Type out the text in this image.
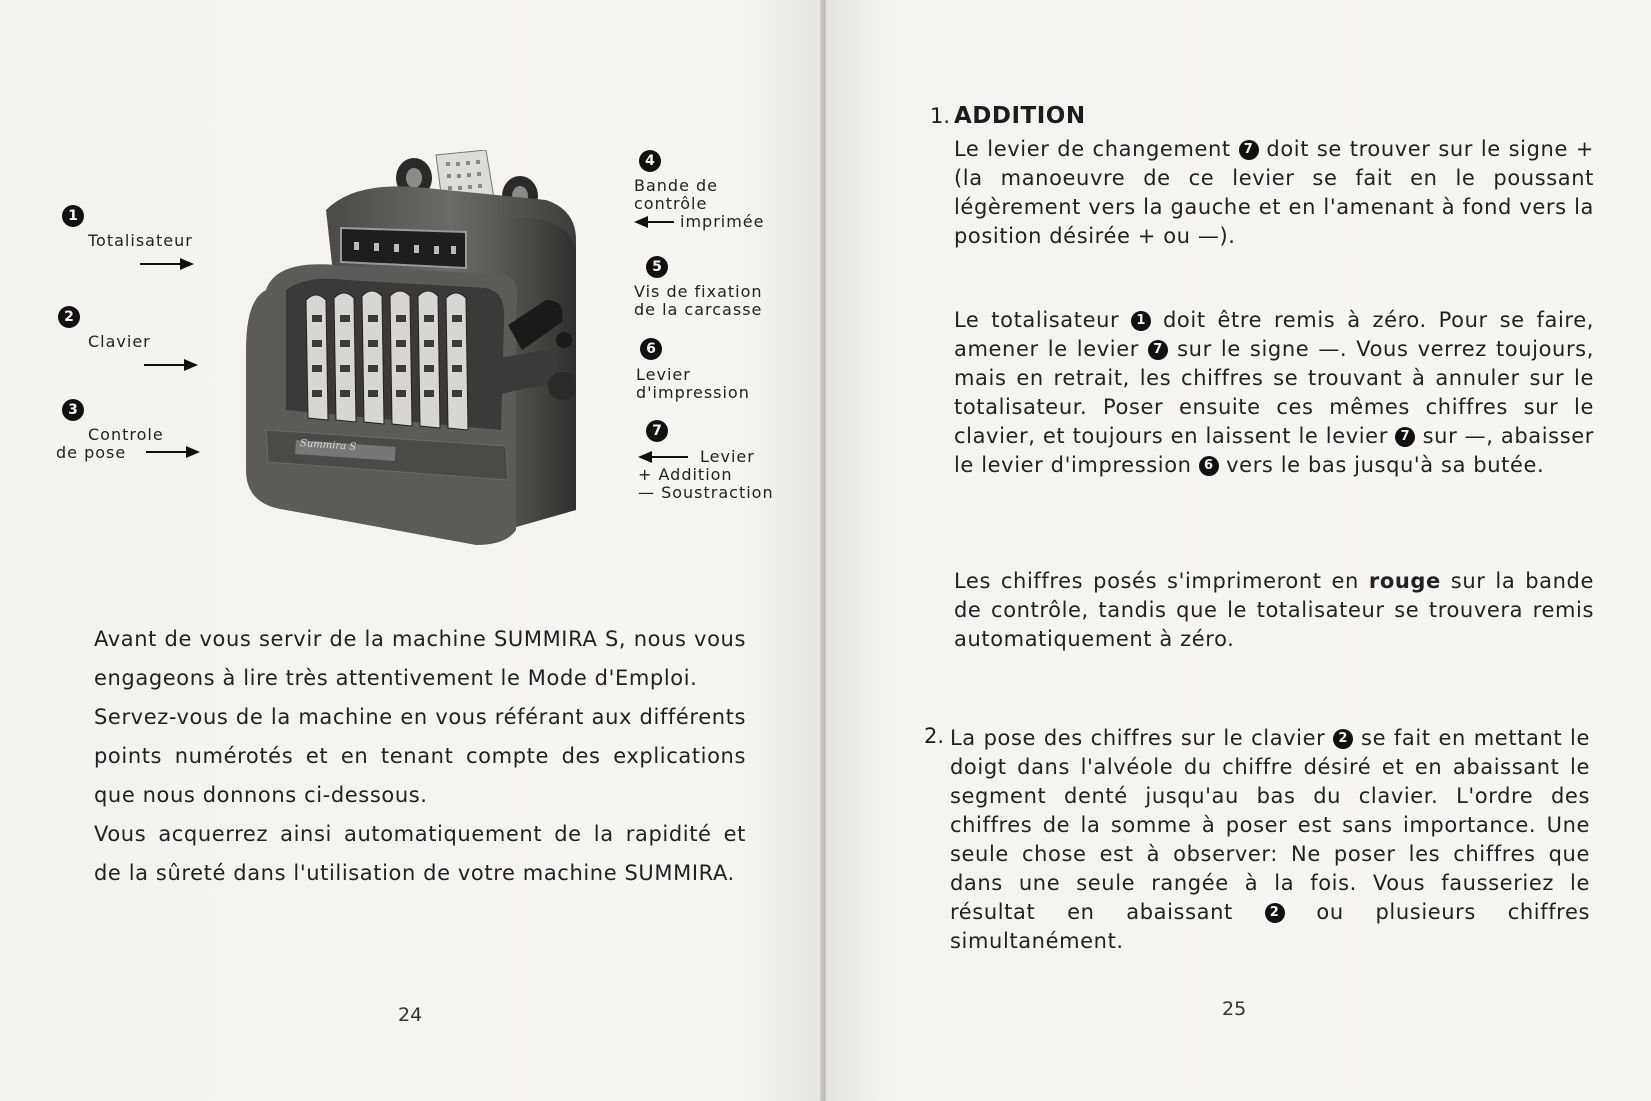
1
Totalisateur
2
Clavier
3
Controle
de pose	Summira S
4
Bande de
contrôle
imprimée
5
Vis de fixation
de la carcasse
6
Levier
d'impression
7
Levier
+ Addition
— Soustraction

Avant de vous servir de la machine SUMMIRA S, nous vous engageons à lire très attentivement le Mode d'Emploi.

Servez-vous de la machine en vous référant aux différents points numérotés et en tenant compte des explications que nous donnons ci-dessous.

Vous acquerrez ainsi automatiquement de la rapidité et de la sûreté dans l'utilisation de votre machine SUMMIRA.

24
1. ADDITION
Le levier de changement 7 doit se trouver sur le signe + (la manoeuvre de ce levier se fait en le poussant légèrement vers la gauche et en l'amenant à fond vers la position désirée + ou —).
Le totalisateur 1 doit être remis à zéro. Pour se faire, amener le levier 7 sur le signe —. Vous verrez toujours, mais en retrait, les chiffres se trouvant à annuler sur le totalisateur. Poser ensuite ces mêmes chiffres sur le clavier, et toujours en laissent le levier 7 sur —, abaisser le levier d'impression 6 vers le bas jusqu'à sa butée.
Les chiffres posés s'imprimeront en rouge sur la bande de contrôle, tandis que le totalisateur se trouvera remis automatiquement à zéro.
2. La pose des chiffres sur le clavier 2 se fait en mettant le doigt dans l'alvéole du chiffre désiré et en abaissant le segment denté jusqu'au bas du clavier. L'ordre des chiffres de la somme à poser est sans importance. Une seule chose est à observer: Ne poser les chiffres que dans une seule rangée à la fois. Vous fausseriez le résultat en abaissant	2 ou plusieurs chiffres simultanément.
25
